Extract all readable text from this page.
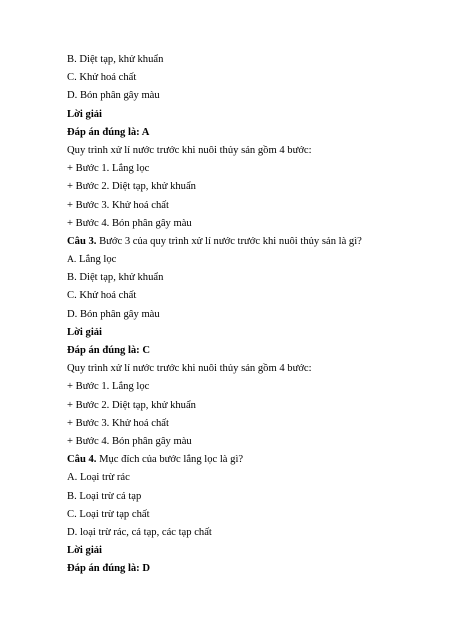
B. Diệt tạp, khử khuẩn
C. Khử hoá chất
D. Bón phân gây màu
Lời giải
Đáp án đúng là: A
Quy trình xử lí nước trước khi nuôi thủy sản gồm 4 bước:
+ Bước 1. Lắng lọc
+ Bước 2. Diệt tạp, khử khuẩn
+ Bước 3. Khử hoá chất
+ Bước 4. Bón phân gây màu
Câu 3. Bước 3 của quy trình xử lí nước trước khi nuôi thủy sản là gì?
A. Lắng lọc
B. Diệt tạp, khử khuẩn
C. Khử hoá chất
D. Bón phân gây màu
Lời giải
Đáp án đúng là: C
Quy trình xử lí nước trước khi nuôi thủy sản gồm 4 bước:
+ Bước 1. Lắng lọc
+ Bước 2. Diệt tạp, khử khuẩn
+ Bước 3. Khử hoá chất
+ Bước 4. Bón phân gây màu
Câu 4. Mục đích của bước lắng lọc là gì?
A. Loại trừ rác
B. Loại trừ cá tạp
C. Loại trừ tạp chất
D. loại trừ rác, cá tạp, các tạp chất
Lời giải
Đáp án đúng là: D
